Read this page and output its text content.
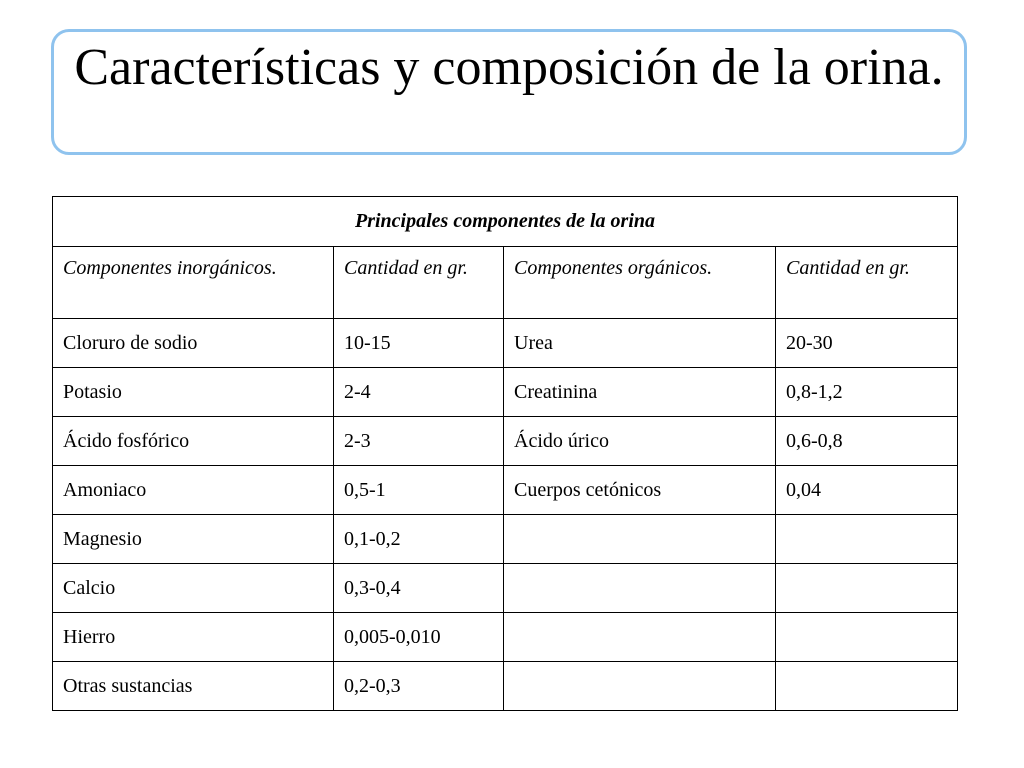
Características y composición de la orina.
Principales componentes de la orina			
Componentes inorgánicos.	Cantidad en gr.	Componentes orgánicos.	Cantidad en gr.
Cloruro de sodio	10-15	Urea	20-30
Potasio	2-4	Creatinina	0,8-1,2
Ácido fosfórico	2-3	Ácido úrico	0,6-0,8
Amoniaco	0,5-1	Cuerpos cetónicos	0,04
Magnesio	0,1-0,2		
Calcio	0,3-0,4		
Hierro	0,005-0,010		
Otras sustancias	0,2-0,3		
